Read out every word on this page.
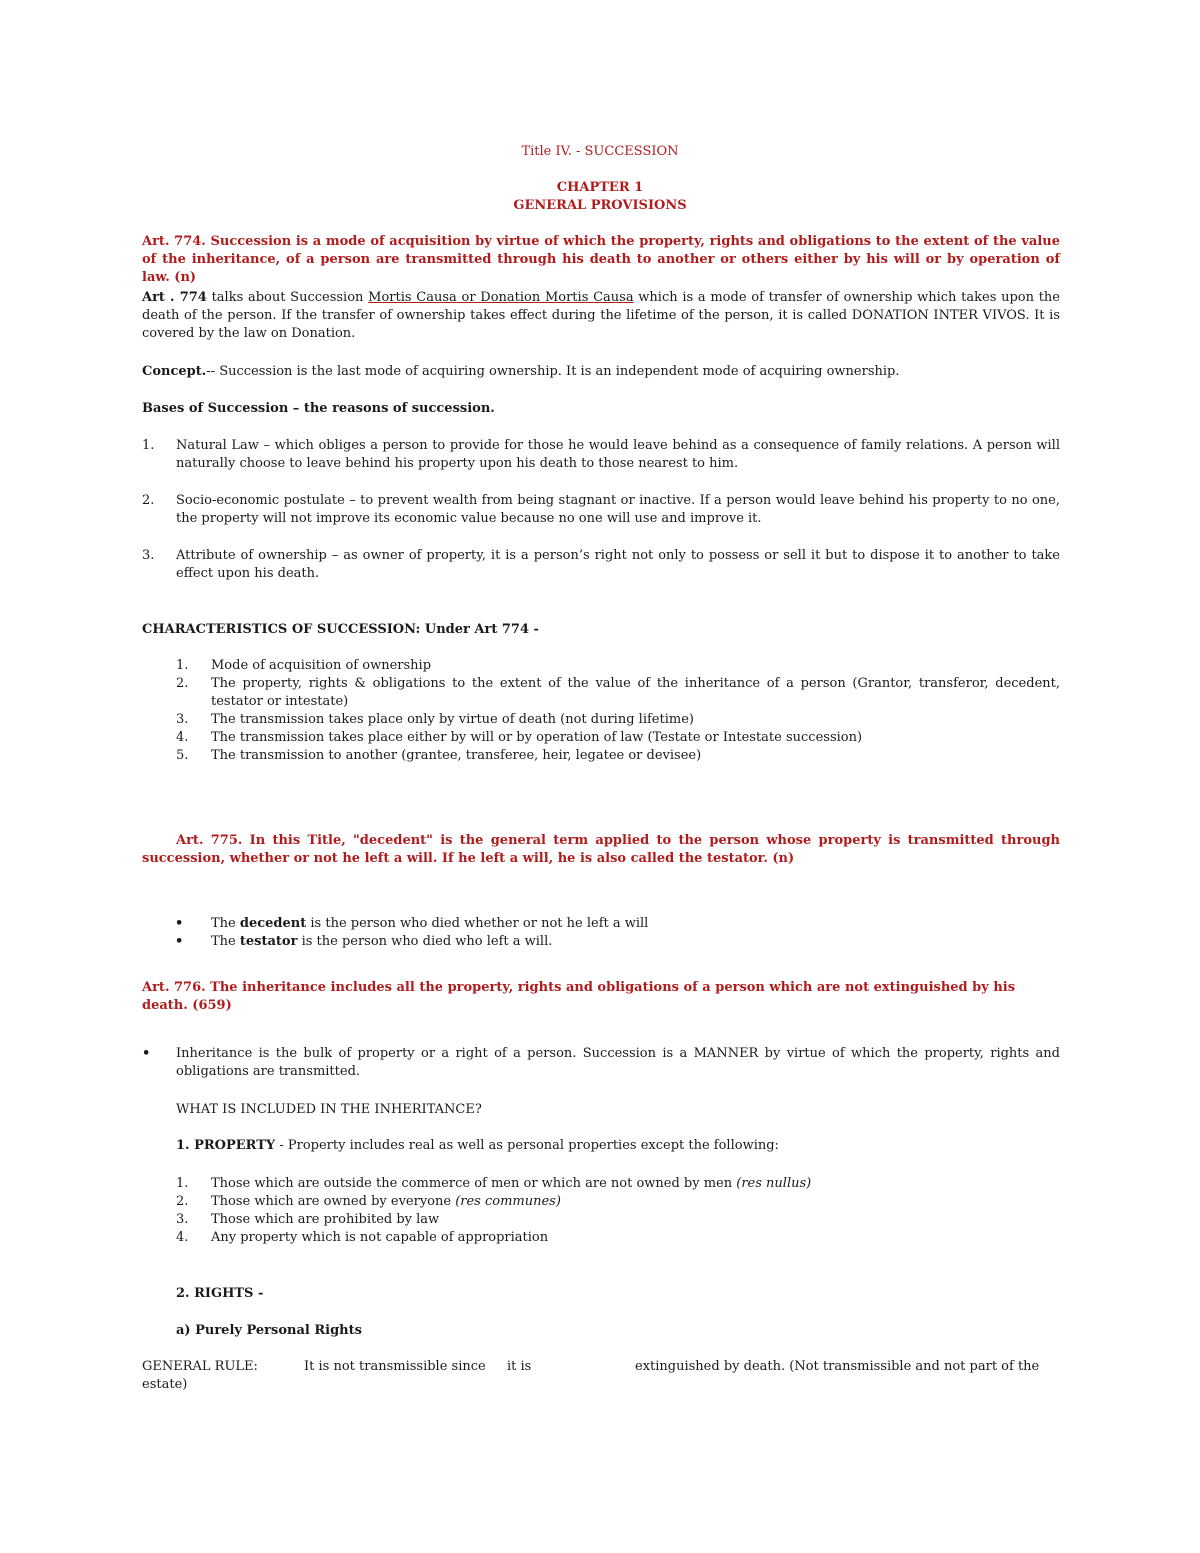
Title IV. - SUCCESSION
CHAPTER 1
GENERAL PROVISIONS

Art. 774. Succession is a mode of acquisition by virtue of which the property, rights and obligations to the extent of the value of the inheritance, of a person are transmitted through his death to another or others either by his will or by operation of law. (n)

Art . 774 talks about Succession Mortis Causa or Donation Mortis Causa which is a mode of transfer of ownership which takes upon the death of the person. If the transfer of ownership takes effect during the lifetime of the person, it is called DONATION INTER VIVOS. It is covered by the law on Donation.

Concept.-- Succession is the last mode of acquiring ownership. It is an independent mode of acquiring ownership.

Bases of Succession – the reasons of succession.

1. Natural Law – which obliges a person to provide for those he would leave behind as a consequence of family relations. A person will naturally choose to leave behind his property upon his death to those nearest to him.
2. Socio-economic postulate – to prevent wealth from being stagnant or inactive. If a person would leave behind his property to no one, the property will not improve its economic value because no one will use and improve it.
3. Attribute of ownership – as owner of property, it is a person’s right not only to possess or sell it but to dispose it to another to take effect upon his death.

CHARACTERISTICS OF SUCCESSION: Under Art 774 -

1. Mode of acquisition of ownership
2. The property, rights & obligations to the extent of the value of the inheritance of a person (Grantor, transferor, decedent, testator or intestate)
3. The transmission takes place only by virtue of death (not during lifetime)
4. The transmission takes place either by will or by operation of law (Testate or Intestate succession)
5. The transmission to another (grantee, transferee, heir, legatee or devisee)

Art. 775. In this Title, "decedent" is the general term applied to the person whose property is transmitted through succession, whether or not he left a will. If he left a will, he is also called the testator. (n)

• The decedent is the person who died whether or not he left a will
• The testator is the person who died who left a will.

Art. 776. The inheritance includes all the property, rights and obligations of a person which are not extinguished by his death. (659)

• Inheritance is the bulk of property or a right of a person. Succession is a MANNER by virtue of which the property, rights and obligations are transmitted.

WHAT IS INCLUDED IN THE INHERITANCE?

1. PROPERTY - Property includes real as well as personal properties except the following:

1. Those which are outside the commerce of men or which are not owned by men (res nullus)
2. Those which are owned by everyone (res communes)
3. Those which are prohibited by law
4. Any property which is not capable of appropriation

2. RIGHTS -

a) Purely Personal Rights

GENERAL RULE:	It is not transmissible since it is	extinguished by death. (Not transmissible and not part of the

estate)
